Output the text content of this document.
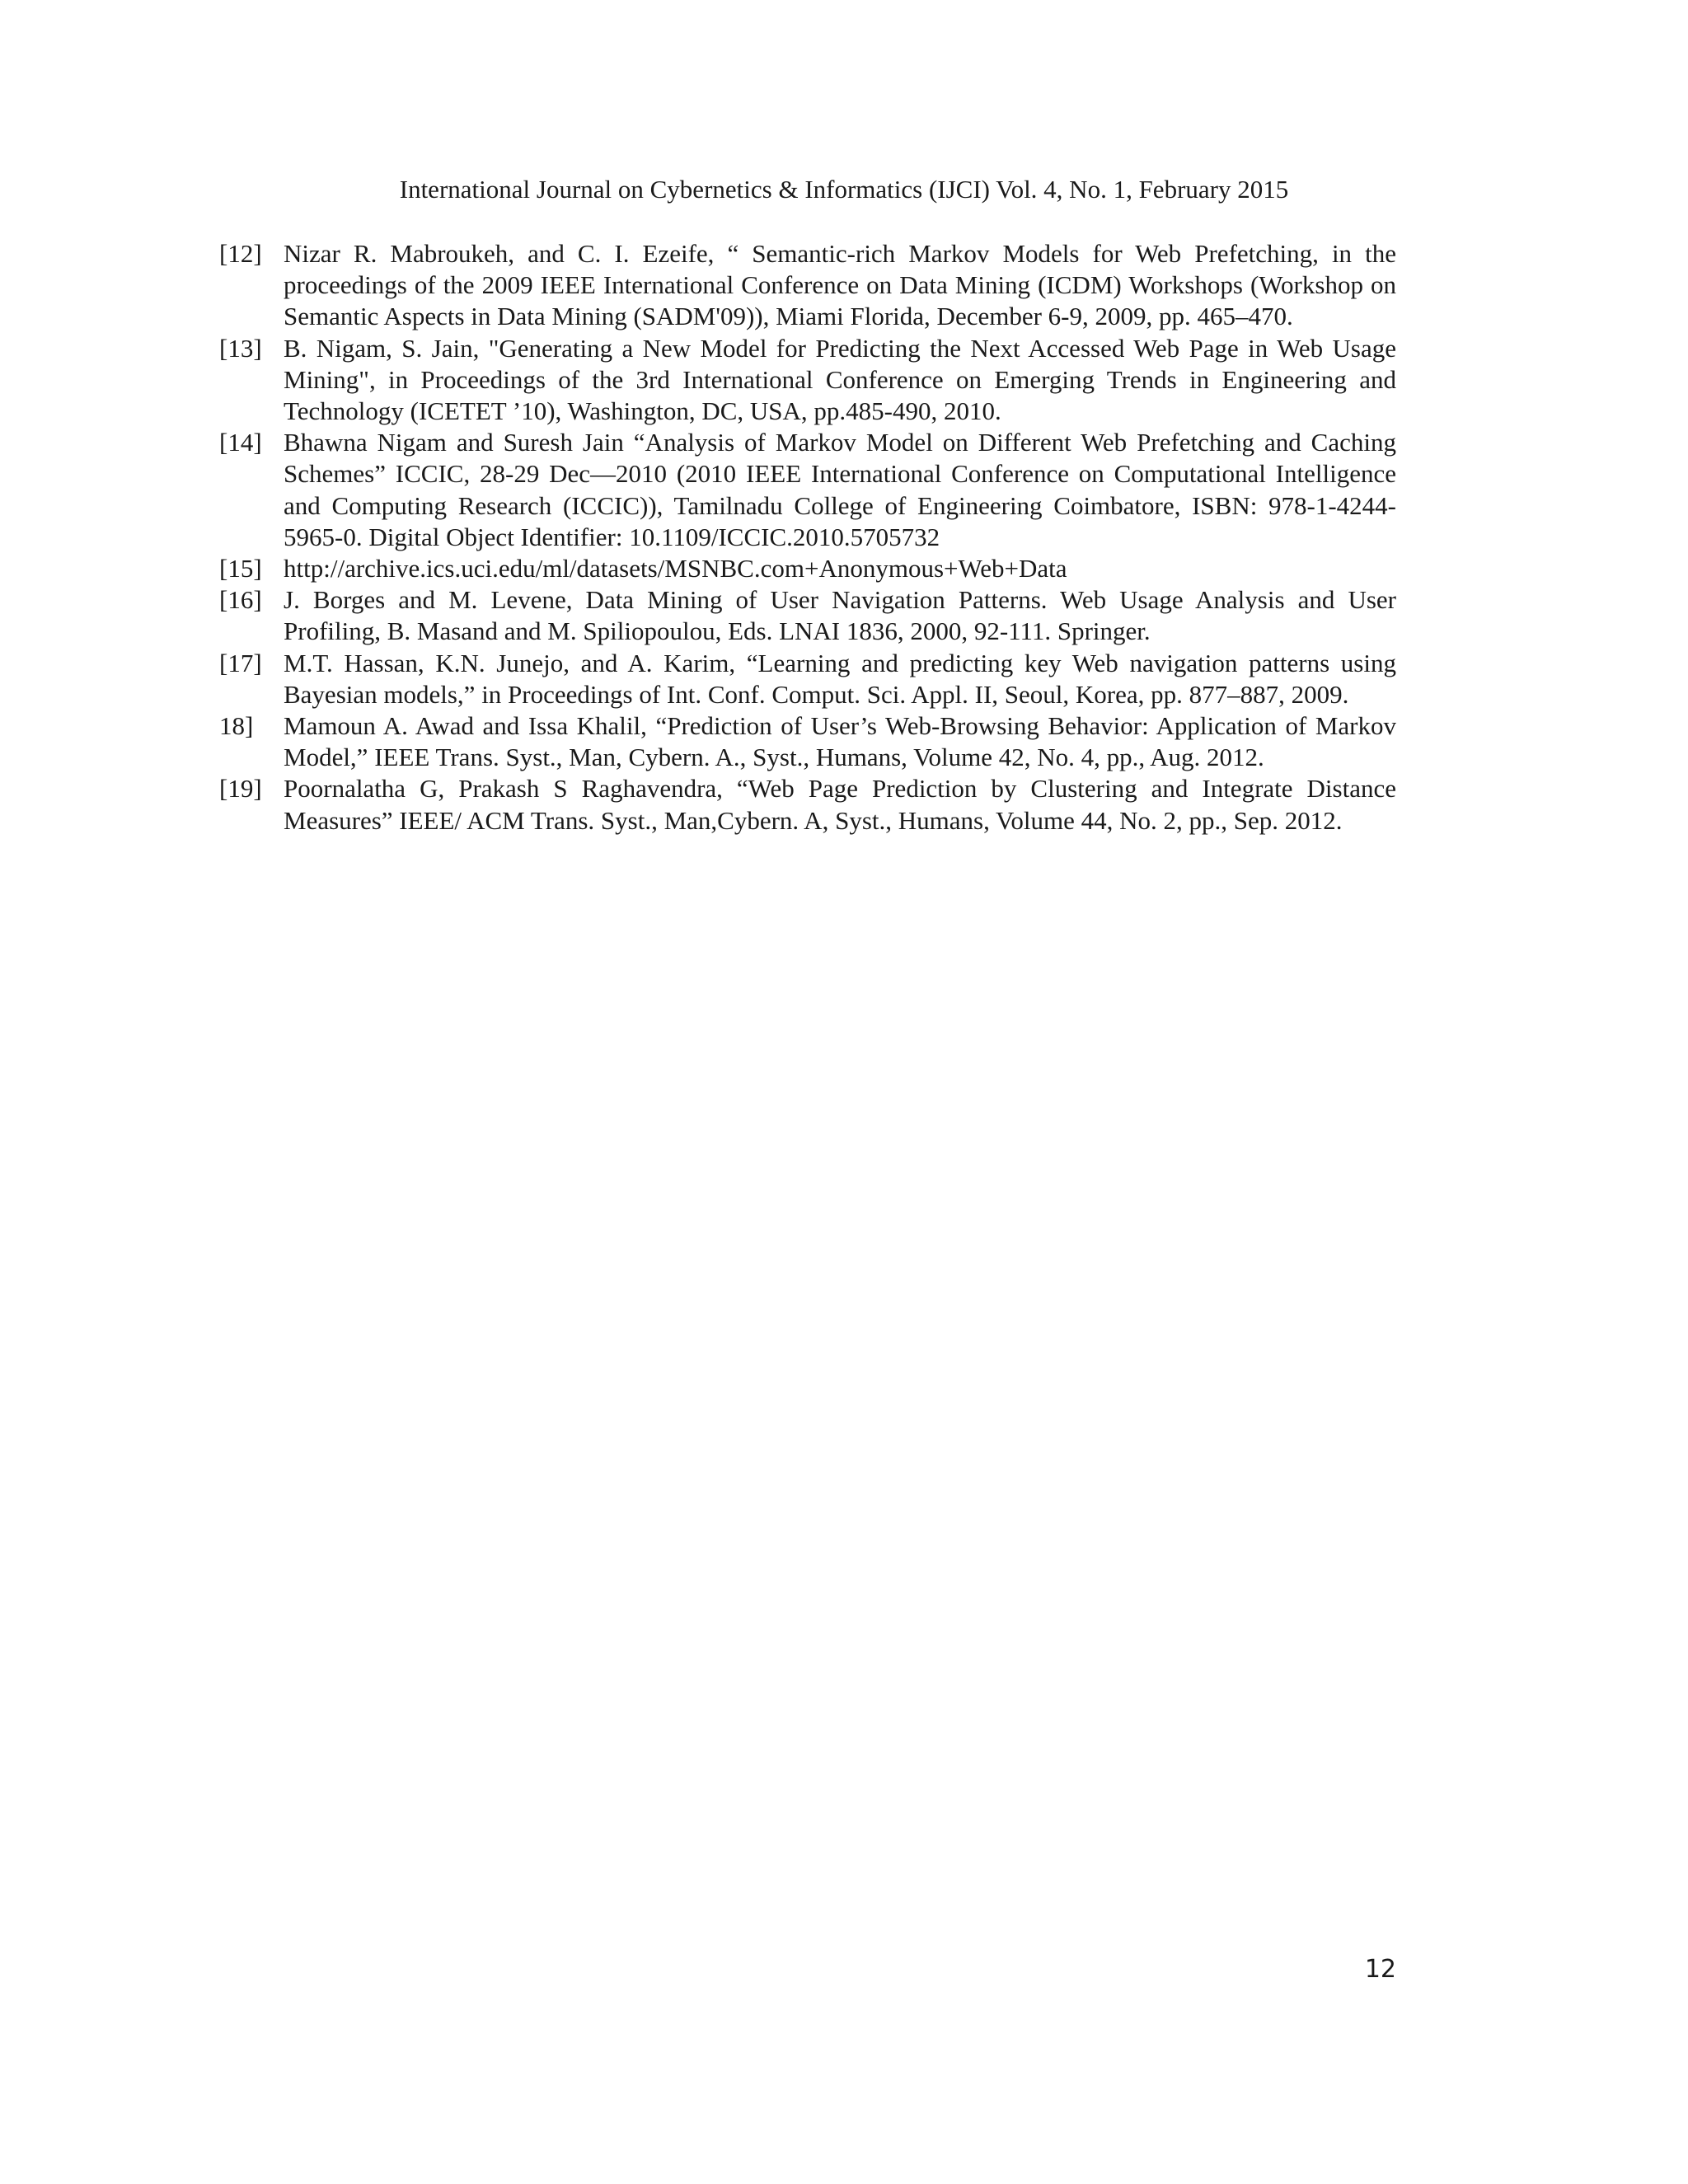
International Journal on Cybernetics & Informatics (IJCI) Vol. 4, No. 1, February 2015
[12] Nizar R. Mabroukeh, and C. I. Ezeife, “ Semantic-rich Markov Models for Web Prefetching, in the proceedings of the 2009 IEEE International Conference on Data Mining (ICDM) Workshops (Workshop on Semantic Aspects in Data Mining (SADM'09)), Miami Florida, December 6-9, 2009, pp. 465–470.
[13] B. Nigam, S. Jain, "Generating a New Model for Predicting the Next Accessed Web Page in Web Usage Mining", in Proceedings of the 3rd International Conference on Emerging Trends in Engineering and Technology (ICETET ’10), Washington, DC, USA, pp.485-490, 2010.
[14] Bhawna Nigam and Suresh Jain “Analysis of Markov Model on Different Web Prefetching and Caching Schemes” ICCIC, 28-29 Dec—2010 (2010 IEEE International Conference on Computational Intelligence and Computing Research (ICCIC)), Tamilnadu College of Engineering Coimbatore, ISBN: 978-1-4244-5965-0. Digital Object Identifier: 10.1109/ICCIC.2010.5705732
[15] http://archive.ics.uci.edu/ml/datasets/MSNBC.com+Anonymous+Web+Data
[16] J. Borges and M. Levene, Data Mining of User Navigation Patterns. Web Usage Analysis and User Profiling, B. Masand and M. Spiliopoulou, Eds. LNAI 1836, 2000, 92-111. Springer.
[17] M.T. Hassan, K.N. Junejo, and A. Karim, “Learning and predicting key Web navigation patterns using Bayesian models,” in Proceedings of Int. Conf. Comput. Sci. Appl. II, Seoul, Korea, pp. 877–887, 2009.
18] Mamoun A. Awad and Issa Khalil, “Prediction of User’s Web-Browsing Behavior: Application of Markov Model,” IEEE Trans. Syst., Man, Cybern. A., Syst., Humans, Volume 42, No. 4, pp., Aug. 2012.
[19] Poornalatha G, Prakash S Raghavendra, “Web Page Prediction by Clustering and Integrate Distance Measures” IEEE/ ACM Trans. Syst., Man,Cybern. A, Syst., Humans, Volume 44, No. 2, pp., Sep. 2012.
12
